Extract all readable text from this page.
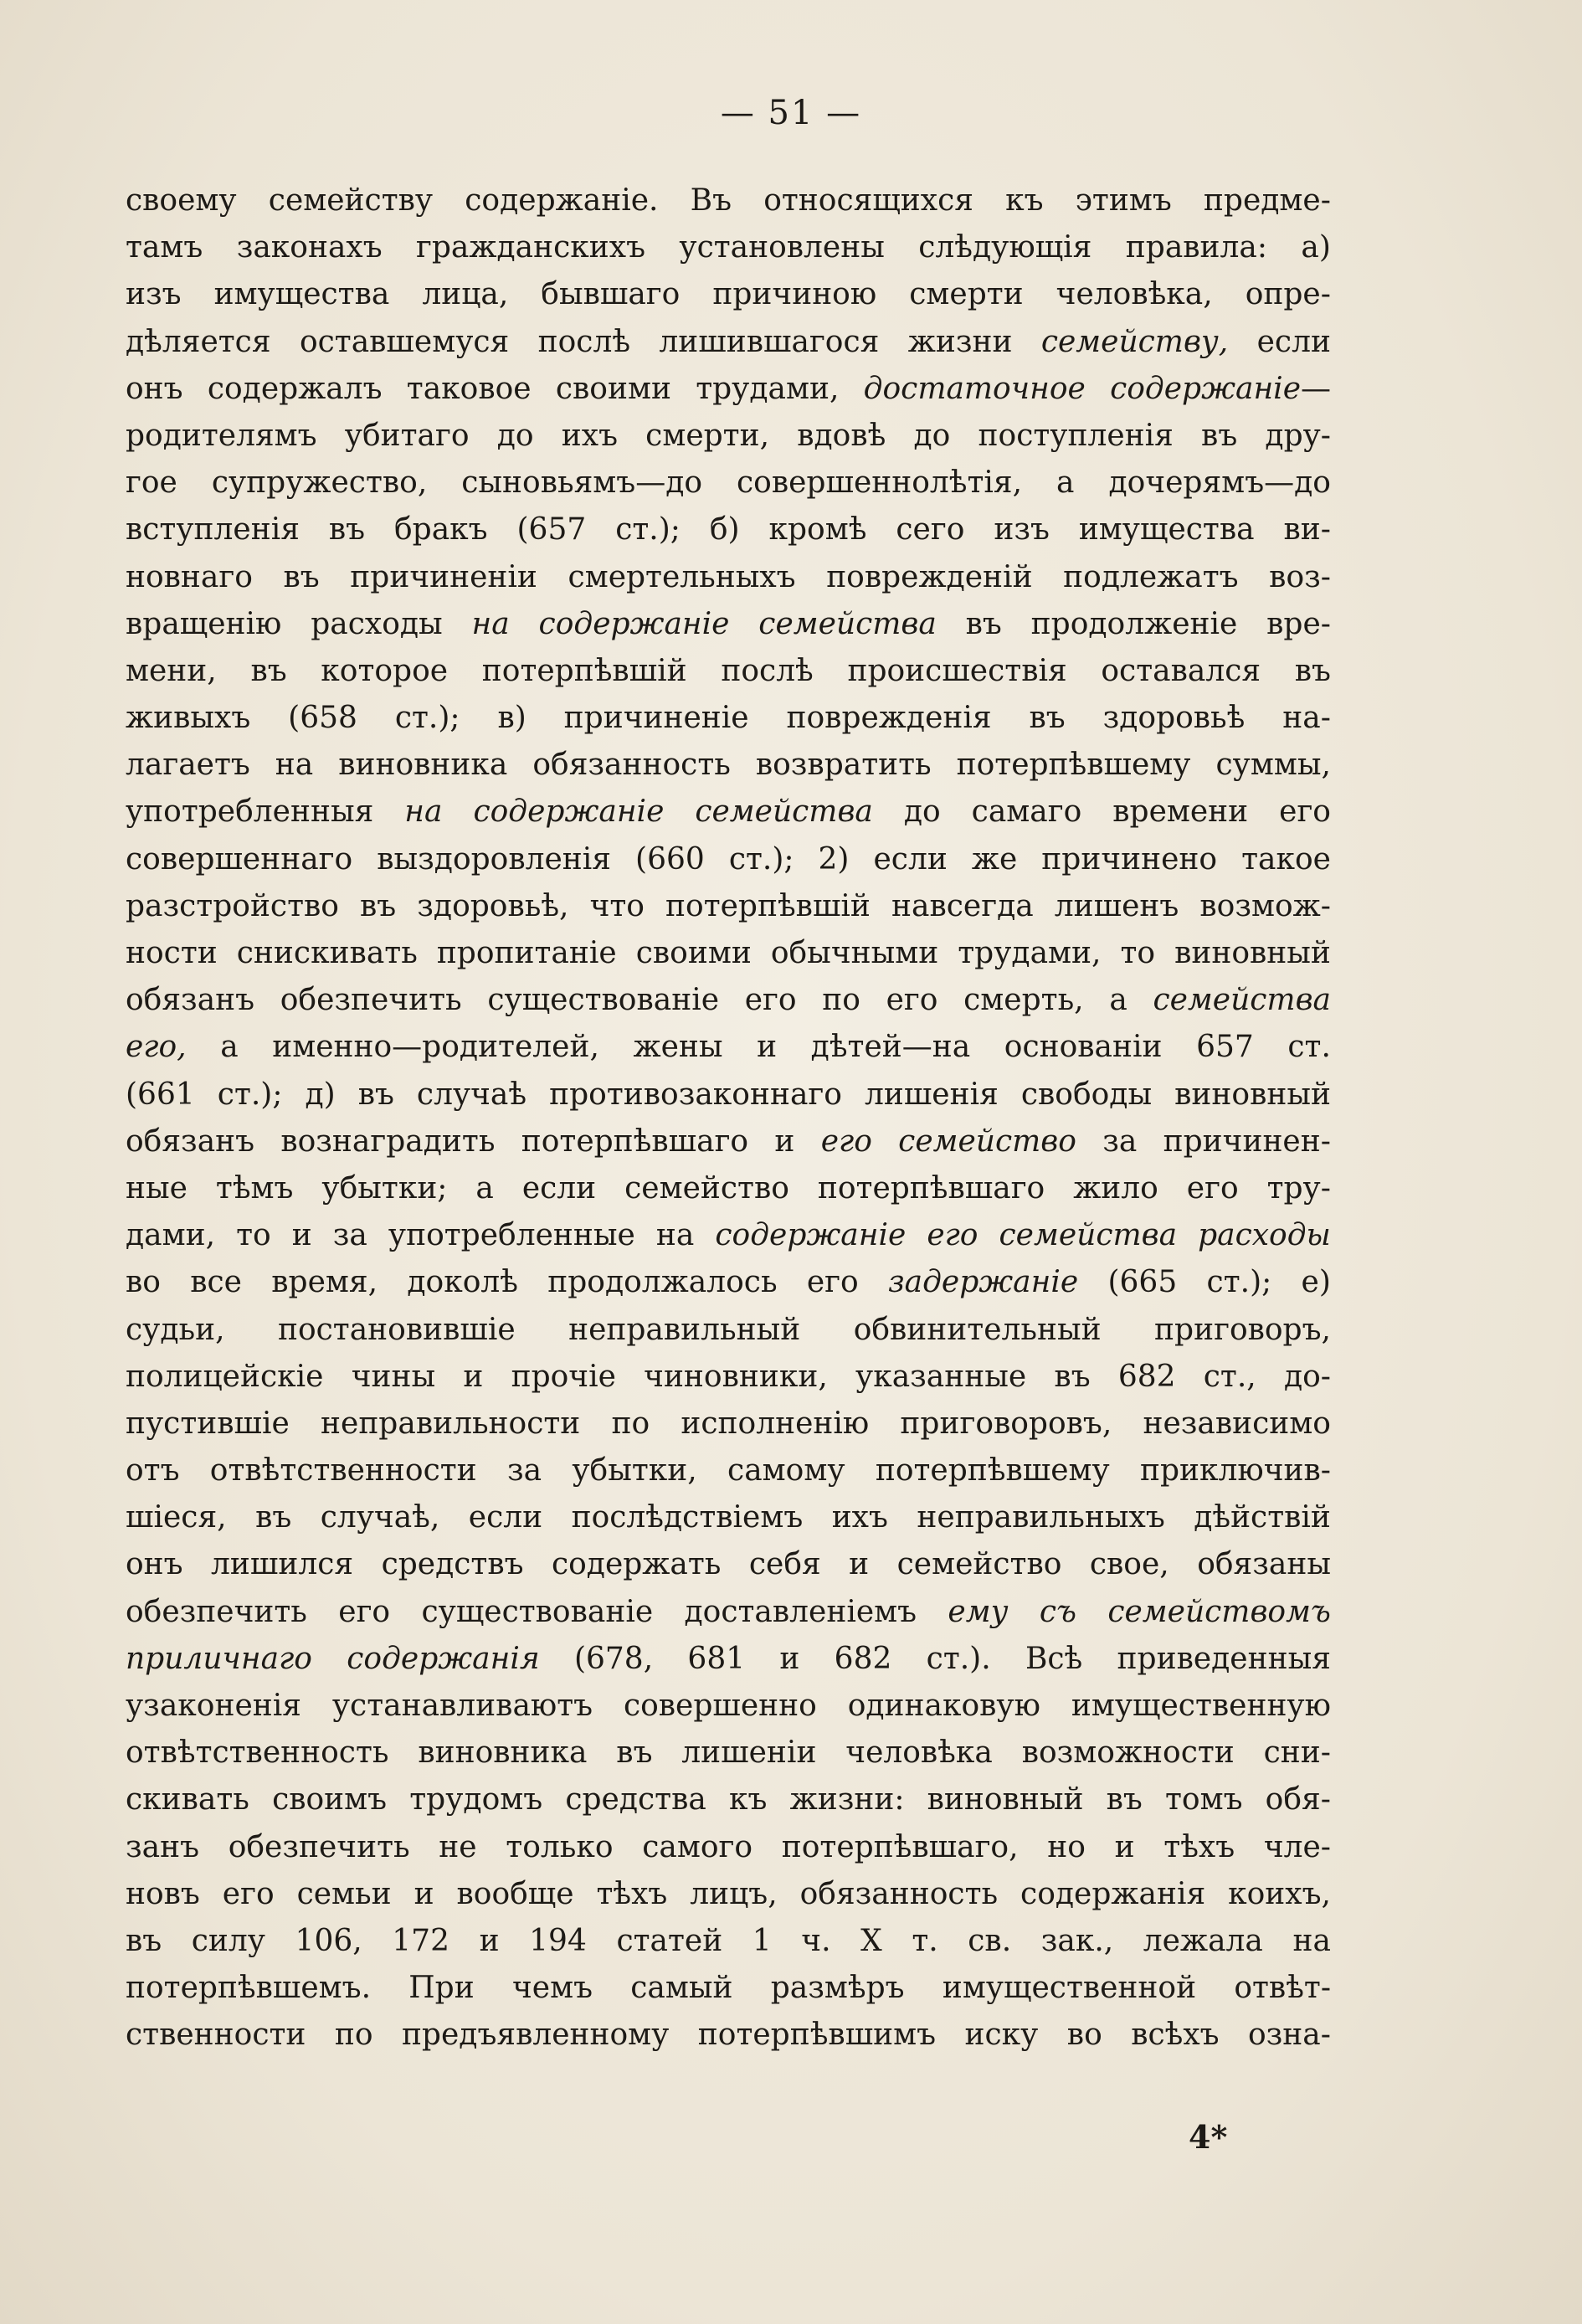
— 51 —
своему семейству содержанiе. Въ относящихся къ этимъ предме-
тамъ законахъ гражданскихъ установлены слѣдующiя правила: а)
изъ имущества лица, бывшаго причиною смерти человѣка, опре-
дѣляется оставшемуся послѣ лишившагося жизни семейству, если
онъ содержалъ таковое своими трудами, достаточное содержанiе—
родителямъ убитаго до ихъ смерти, вдовѣ до поступленiя въ дру-
гое супружество, сыновьямъ—до совершеннолѣтiя, а дочерямъ—до
вступленiя въ бракъ (657 ст.); б) кромѣ сего изъ имущества ви-
новнаго въ причиненiи смертельныхъ поврежденiй подлежатъ воз-
вращенiю расходы на содержанiе семейства въ продолженiе вре-
мени, въ которое потерпѣвшiй послѣ происшествiя оставался въ
живыхъ (658 ст.); в) причиненiе поврежденiя въ здоровьѣ на-
лагаетъ на виновника обязанность возвратить потерпѣвшему суммы,
употребленныя на содержанiе семейства до самаго времени его
совершеннаго выздоровленiя (660 ст.); 2) если же причинено такое
разстройство въ здоровьѣ, что потерпѣвшiй навсегда лишенъ возмож-
ности снискивать пропитанiе своими обычными трудами, то виновный
обязанъ обезпечить существованiе его по его смерть, а семейства
его, а именно—родителей, жены и дѣтей—на основанiи 657 ст.
(661 ст.); д) въ случаѣ противозаконнаго лишенiя свободы виновный
обязанъ вознаградить потерпѣвшаго и его семейство за причинен-
ные тѣмъ убытки; а если семейство потерпѣвшаго жило его тру-
дами, то и за употребленные на содержанiе его семейства расходы
во все время, доколѣ продолжалось его задержанiе (665 ст.); е)
судьи, постановившiе неправильный обвинительный приговоръ,
полицейскiе чины и прочiе чиновники, указанные въ 682 ст., до-
пустившiе неправильности по исполненiю приговоровъ, независимо
отъ отвѣтственности за убытки, самому потерпѣвшему приключив-
шiеся, въ случаѣ, если послѣдствiемъ ихъ неправильныхъ дѣйствiй
онъ лишился средствъ содержать себя и семейство свое, обязаны
обезпечить его существованiе доставленiемъ ему съ семействомъ
приличнаго содержанiя (678, 681 и 682 ст.). Всѣ приведенныя
узаконенiя устанавливаютъ совершенно одинаковую имущественную
отвѣтственность виновника въ лишенiи человѣка возможности сни-
скивать своимъ трудомъ средства къ жизни: виновный въ томъ обя-
занъ обезпечить не только самого потерпѣвшаго, но и тѣхъ чле-
новъ его семьи и вообще тѣхъ лицъ, обязанность содержанiя коихъ,
въ силу 106, 172 и 194 статей 1 ч. X т. св. зак., лежала на
потерпѣвшемъ. При чемъ самый размѣръ имущественной отвѣт-
ственности по предъявленному потерпѣвшимъ иску во всѣхъ озна-
4*
